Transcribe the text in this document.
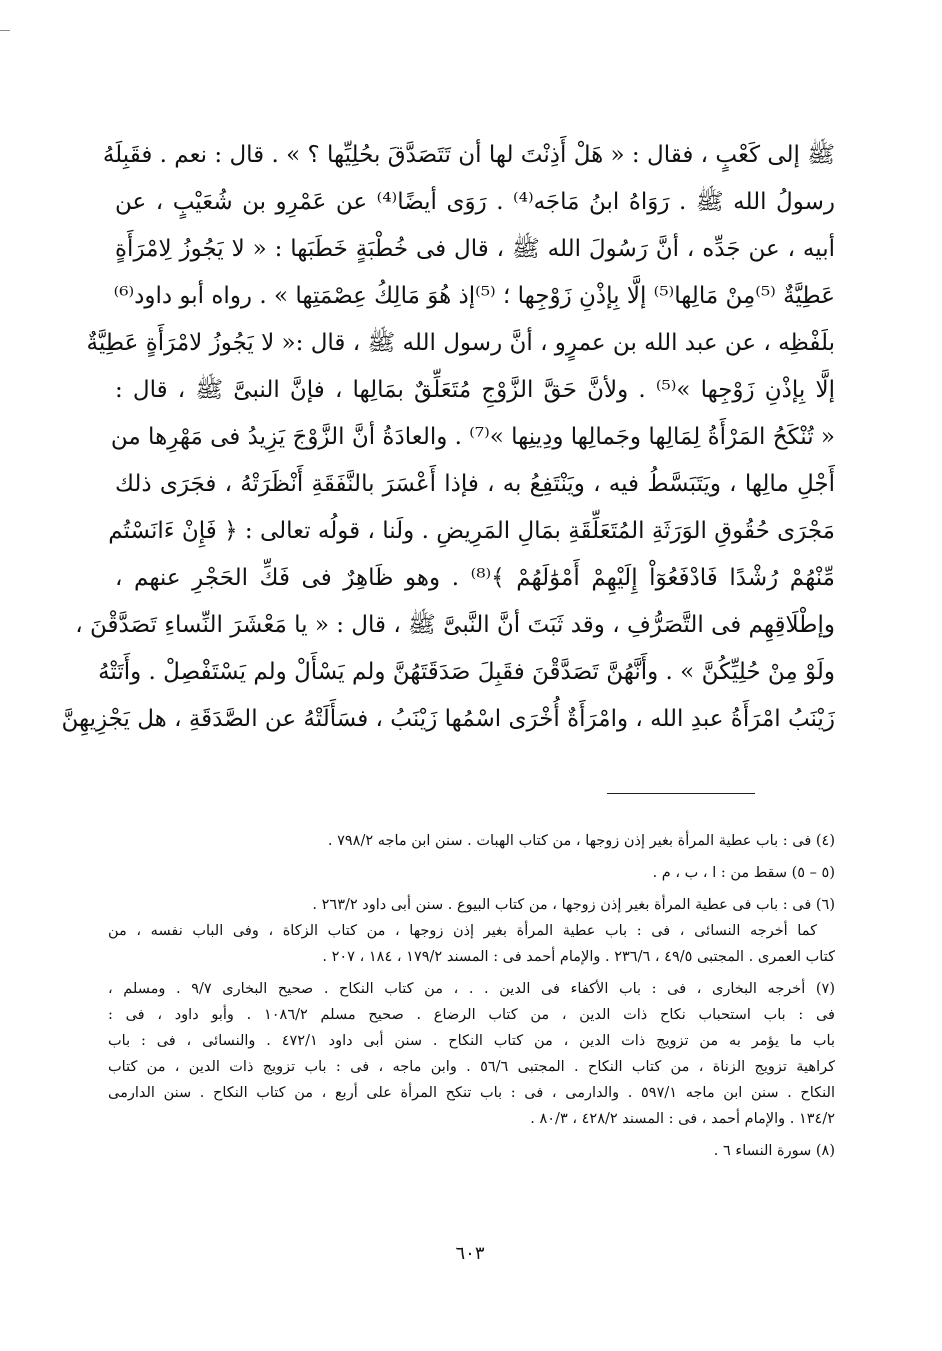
ﷺ إلى كَعْبٍ ، فقال : « هَلْ أَذِنْتَ لها أن تَتَصَدَّقَ بحُلِيِّها ؟ » . قال : نعم . فقَبِلَهُ
رسولُ الله ﷺ . رَوَاهُ ابنُ مَاجَه⁽⁴⁾ . رَوَى أيضًا⁽⁴⁾ عن عَمْرِو بن شُعَيْبٍ ، عن
أبيه ، عن جَدِّه ، أنَّ رَسُولَ الله ﷺ ، قال فى خُطْبَةٍ خَطَبَها : « لا يَجُوزُ لِامْرَأَةٍ
عَطِيَّةٌ ⁽⁵⁾مِنْ مَالِها⁽⁵⁾ إلَّا بِإذْنِ زَوْجِها ؛ ⁽⁵⁾إذ هُوَ مَالِكُ عِصْمَتِها » . رواه أبو داود⁽⁶⁾
بلَفْظِه ، عن عبد الله بن عمرٍو ، أنَّ رسول الله ﷺ ، قال :« لا يَجُوزُ لامْرَأَةٍ عَطِيَّةٌ
إلَّا بِإذْنِ زَوْجِها »⁽⁵⁾ . ولأنَّ حَقَّ الزَّوْجِ مُتَعَلِّقٌ بمَالِها ، فإنَّ النبىَّ ﷺ ، قال :
« تُنْكَحُ المَرْأَةُ لِمَالِها وجَمالِها ودِينِها »⁽⁷⁾ . والعادَةُ أنَّ الزَّوْجَ يَزِيدُ فى مَهْرِها من
أَجْلِ مالِها ، ويَتَبَسَّطُ فيه ، ويَنْتَفِعُ به ، فإذا أَعْسَرَ بالنَّفَقَةِ أَنْظَرَتْهُ ، فجَرَى ذلك
مَجْرَى حُقُوقِ الوَرَثَةِ المُتَعَلِّقَةِ بمَالِ المَرِيضِ . ولَنا ، قولُه تعالى : ﴿ فَإِنْ ءَانَسْتُم
مِّنْهُمْ رُشْدًا فَادْفَعُوٓاْ إِلَيْهِمْ أَمْوَٰلَهُمْ ﴾⁽⁸⁾ . وهو ظَاهِرٌ فى فَكِّ الحَجْرِ عنهم ،
وإطْلَاقِهِم فى التَّصَرُّفِ ، وقد ثَبَتَ أنَّ النَّبىَّ ﷺ ، قال : « يا مَعْشَرَ النِّساءِ تَصَدَّقْنَ ،
ولَوْ مِنْ حُلِيِّكُنَّ » . وأَنَّهُنَّ تَصَدَّقْنَ فقَبِلَ صَدَقَتَهُنَّ ولم يَسْأَلْ ولم يَسْتَفْصِلْ . وأَتَتْهُ
زَيْنَبُ امْرَأَةُ عبدِ الله ، وامْرَأَةٌ أُخْرَى اسْمُها زَيْنَبُ ، فسَأَلَتْهُ عن الصَّدَقَةِ ، هل يَجْزِيهِنَّ
(٤) فى : باب عطية المرأة بغير إذن زوجها ، من كتاب الهبات . سنن ابن ماجه ٧٩٨/٢ .
(٥ – ٥) سقط من : ا ، ب ، م .
(٦) فى : باب فى عطية المرأة بغير إذن زوجها ، من كتاب البيوع . سنن أبى داود ٢٦٣/٢ .
كما أخرجه النسائى ، فى : باب عطية المرأة بغير إذن زوجها ، من كتاب الزكاة ، وفى الباب نفسه ، من
كتاب العمرى . المجتبى ٤٩/٥ ، ٢٣٦/٦ . والإمام أحمد فى : المسند ١٧٩/٢ ، ١٨٤ ، ٢٠٧ .
(٧) أخرجه البخارى ، فى : باب الأكفاء فى الدين . . ، من كتاب النكاح . صحيح البخارى ٩/٧ . ومسلم ،
فى : باب استحباب نكاح ذات الدين ، من كتاب الرضاع . صحيح مسلم ١٠٨٦/٢ . وأبو داود ، فى :
باب ما يؤمر به من تزويج ذات الدين ، من كتاب النكاح . سنن أبى داود ٤٧٢/١ . والنسائى ، فى : باب
كراهية تزويج الزناة ، من كتاب النكاح . المجتبى ٥٦/٦ . وابن ماجه ، فى : باب تزويج ذات الدين ، من كتاب
النكاح . سنن ابن ماجه ٥٩٧/١ . والدارمى ، فى : باب تنكح المرأة على أربع ، من كتاب النكاح . سنن الدارمى
١٣٤/٢ . والإمام أحمد ، فى : المسند ٤٢٨/٢ ، ٨٠/٣ .
(٨) سورة النساء ٦ .
٦٠٣
